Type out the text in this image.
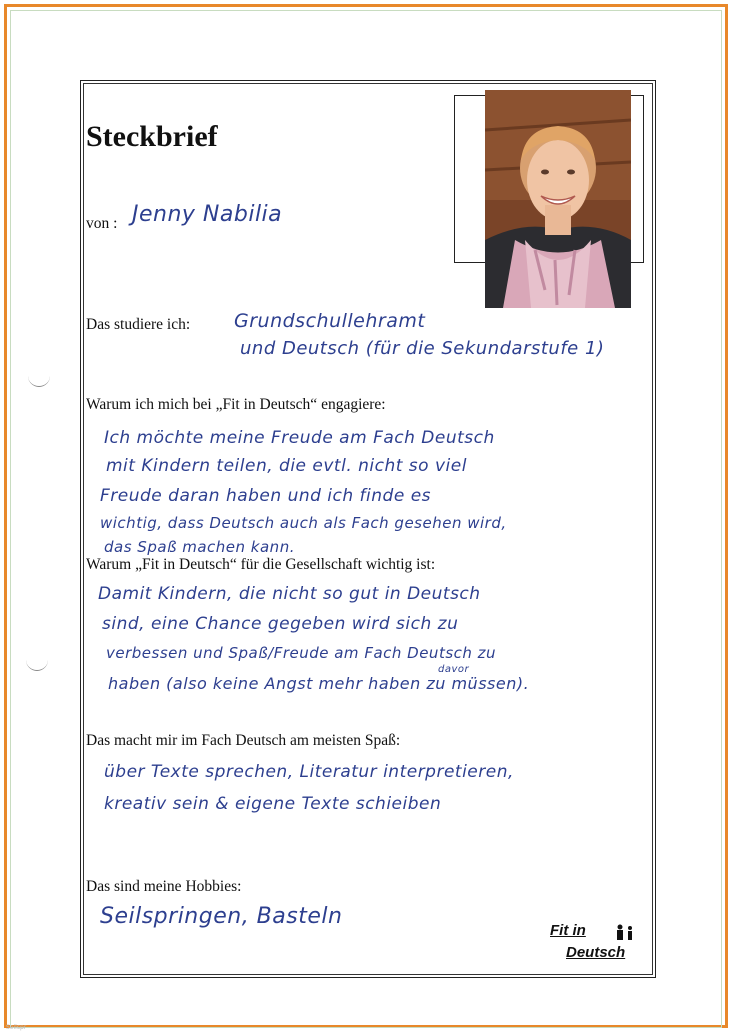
Steckbrief
von : Jenny Nabilia
Das studiere ich: Grundschullehramt
und Deutsch (für die Sekundarstufe 1)
Warum ich mich bei „Fit in Deutsch“ engagiere:
Ich möchte meine Freude am Fach Deutsch
mit Kindern teilen, die evtl. nicht so viel
Freude daran haben und ich finde es
wichtig, dass Deutsch auch als Fach gesehen wird,
das Spaß machen kann.
Warum „Fit in Deutsch“ für die Gesellschaft wichtig ist:
Damit Kindern, die nicht so gut in Deutsch
sind, eine Chance gegeben wird sich zu
verbessen und Spaß/Freude am Fach Deutsch zu
davor
haben (also keine Angst mehr haben zu müssen).
Das macht mir im Fach Deutsch am meisten Spaß:
über Texte sprechen, Literatur interpretieren,
kreativ sein & eigene Texte schieiben
Das sind meine Hobbies:
Seilspringen, Basteln
Fit in
Deutsch
Seilspr
